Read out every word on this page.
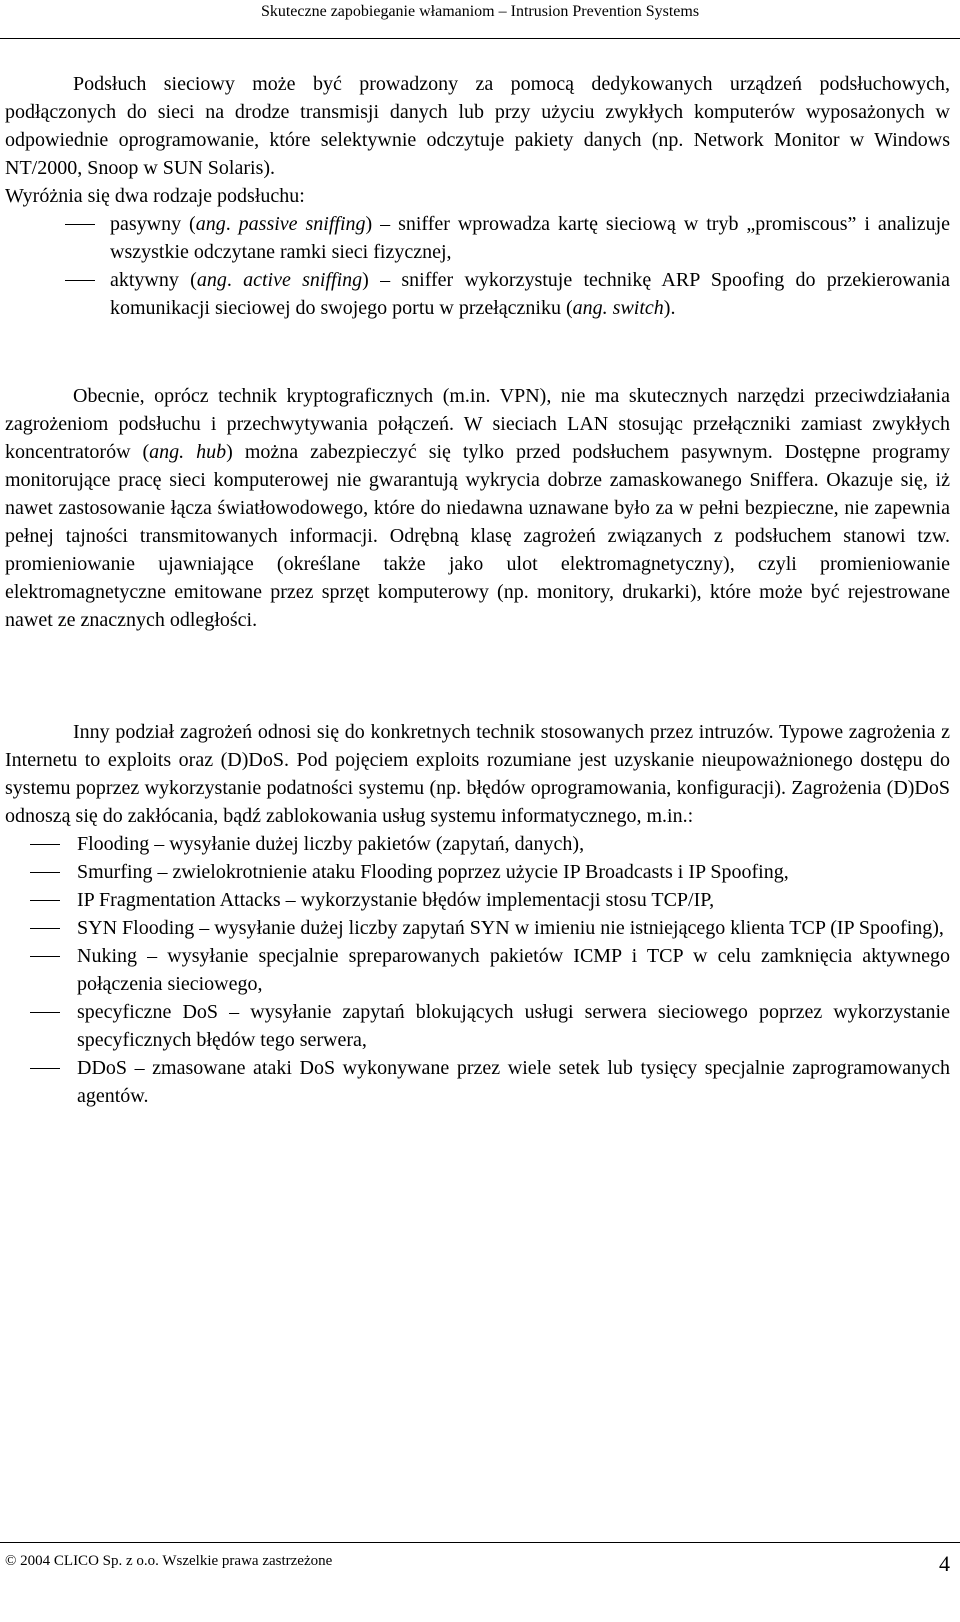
Skuteczne zapobieganie włamaniom – Intrusion Prevention Systems

Podsłuch sieciowy może być prowadzony za pomocą dedykowanych urządzeń podsłuchowych, podłączonych do sieci na drodze transmisji danych lub przy użyciu zwykłych komputerów wyposażonych w odpowiednie oprogramowanie, które selektywnie odczytuje pakiety danych (np. Network Monitor w Windows NT/2000, Snoop w SUN Solaris).

Wyróżnia się dwa rodzaje podsłuchu:

pasywny (ang. passive sniffing) – sniffer wprowadza kartę sieciową w tryb „promiscous” i analizuje wszystkie odczytane ramki sieci fizycznej,
aktywny (ang. active sniffing) – sniffer wykorzystuje technikę ARP Spoofing do przekierowania komunikacji sieciowej do swojego portu w przełączniku (ang. switch).

Obecnie, oprócz technik kryptograficznych (m.in. VPN), nie ma skutecznych narzędzi przeciwdziałania zagrożeniom podsłuchu i przechwytywania połączeń. W sieciach LAN stosując przełączniki zamiast zwykłych koncentratorów (ang. hub) można zabezpieczyć się tylko przed podsłuchem pasywnym. Dostępne programy monitorujące pracę sieci komputerowej nie gwarantują wykrycia dobrze zamaskowanego Sniffera. Okazuje się, iż nawet zastosowanie łącza światłowodowego, które do niedawna uznawane było za w pełni bezpieczne, nie zapewnia pełnej tajności transmitowanych informacji. Odrębną klasę zagrożeń związanych z podsłuchem stanowi tzw. promieniowanie ujawniające (określane także jako ulot elektromagnetyczny), czyli promieniowanie elektromagnetyczne emitowane przez sprzęt komputerowy (np. monitory, drukarki), które może być rejestrowane nawet ze znacznych odległości.

Inny podział zagrożeń odnosi się do konkretnych technik stosowanych przez intruzów. Typowe zagrożenia z Internetu to exploits oraz (D)DoS. Pod pojęciem exploits rozumiane jest uzyskanie nieupoważnionego dostępu do systemu poprzez wykorzystanie podatności systemu (np. błędów oprogramowania, konfiguracji). Zagrożenia (D)DoS odnoszą się do zakłócania, bądź zablokowania usług systemu informatycznego, m.in.:

Flooding – wysyłanie dużej liczby pakietów (zapytań, danych),
Smurfing – zwielokrotnienie ataku Flooding poprzez użycie IP Broadcasts i IP Spoofing,
IP Fragmentation Attacks – wykorzystanie błędów implementacji stosu TCP/IP,
SYN Flooding – wysyłanie dużej liczby zapytań SYN w imieniu nie istniejącego klienta TCP (IP Spoofing),
Nuking – wysyłanie specjalnie spreparowanych pakietów ICMP i TCP w celu zamknięcia aktywnego połączenia sieciowego,
specyficzne DoS – wysyłanie zapytań blokujących usługi serwera sieciowego poprzez wykorzystanie specyficznych błędów tego serwera,
DDoS – zmasowane ataki DoS wykonywane przez wiele setek lub tysięcy specjalnie zaprogramowanych agentów.
© 2004 CLICO Sp. z o.o. Wszelkie prawa zastrzeżone	4
